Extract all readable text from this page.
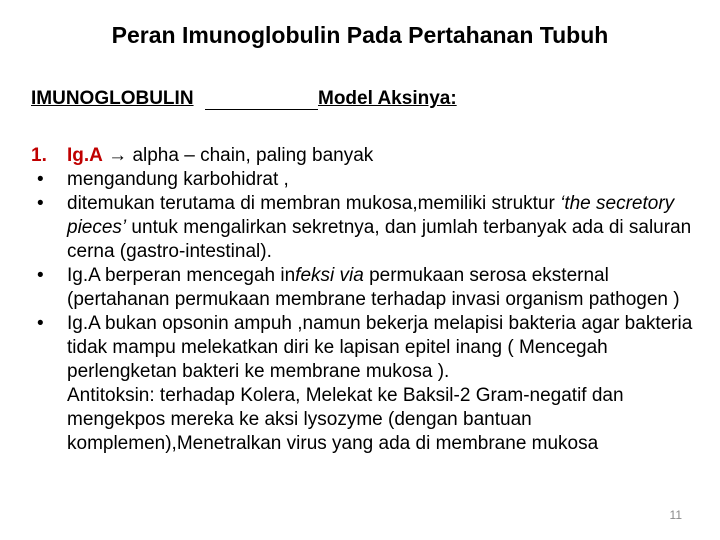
Peran Imunoglobulin Pada Pertahanan Tubuh
IMUNOGLOBULIN	Model Aksinya:
1.	Ig.A → alpha – chain, paling banyak
•	mengandung karbohidrat ,
•	ditemukan terutama di membran mukosa,memiliki struktur ‘the secretory pieces’ untuk mengalirkan sekretnya, dan jumlah terbanyak ada di saluran cerna (gastro-intestinal).
•	Ig.A berperan mencegah infeksi via permukaan serosa eksternal (pertahanan permukaan membrane terhadap invasi organism pathogen )
•	Ig.A bukan opsonin ampuh ,namun bekerja melapisi bakteria agar bakteria tidak mampu melekatkan diri ke lapisan epitel inang ( Mencegah perlengketan bakteri ke membrane mukosa ).
Antitoksin: terhadap Kolera, Melekat ke Baksil-2 Gram-negatif dan mengekpos mereka ke aksi lysozyme (dengan bantuan komplemen),Menetralkan virus yang ada di membrane mukosa
11
